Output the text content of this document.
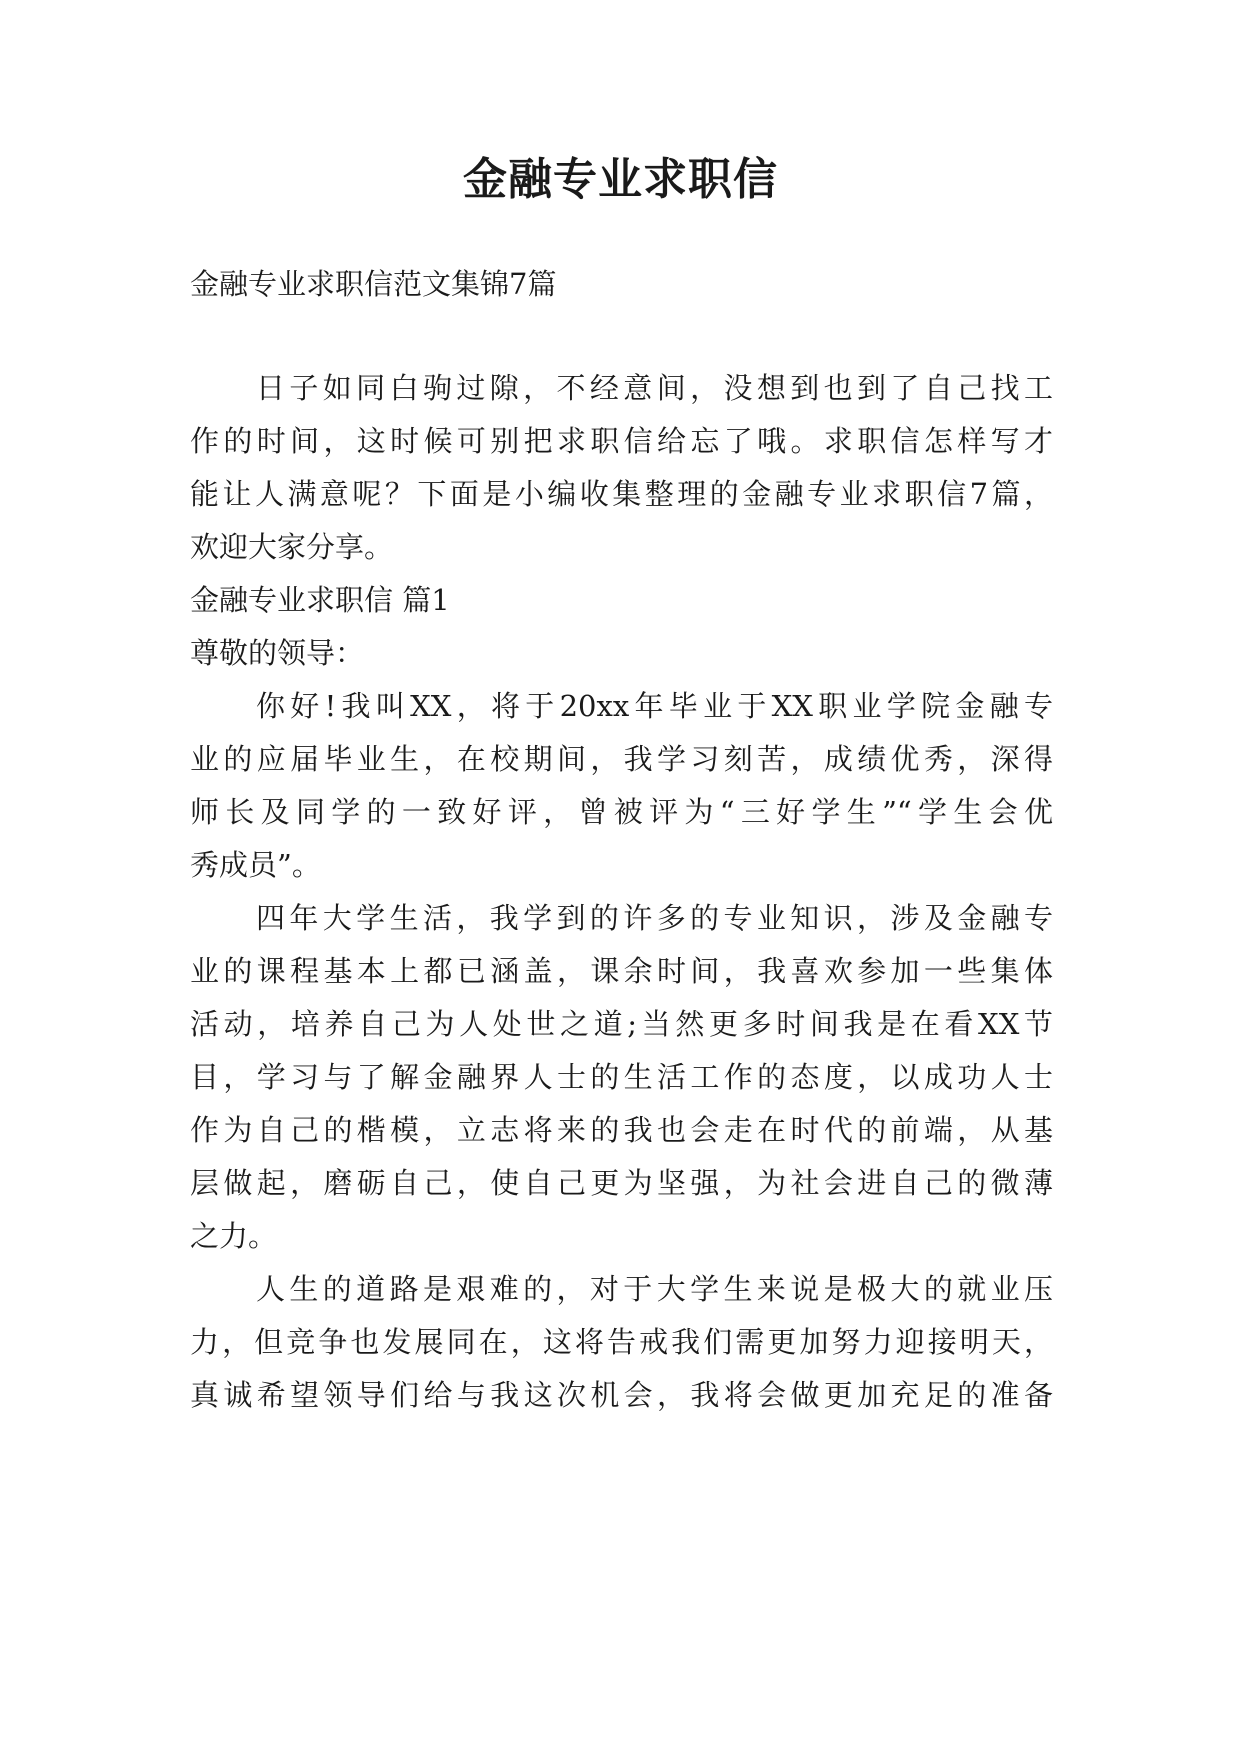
金融专业求职信

金融专业求职信范文集锦7篇

日子如同白驹过隙，不经意间，没想到也到了自己找工

作的时间，这时候可别把求职信给忘了哦。求职信怎样写才

能让人满意呢？下面是小编收集整理的金融专业求职信7篇，

欢迎大家分享。

金融专业求职信 篇1

尊敬的领导：

你好!我叫XX，将于20xx年毕业于XX职业学院金融专

业的应届毕业生，在校期间，我学习刻苦，成绩优秀，深得

师长及同学的一致好评，曾被评为“三好学生”“学生会优

秀成员”。

四年大学生活，我学到的许多的专业知识，涉及金融专

业的课程基本上都已涵盖，课余时间，我喜欢参加一些集体

活动，培养自己为人处世之道;当然更多时间我是在看XX节

目，学习与了解金融界人士的生活工作的态度，以成功人士

作为自己的楷模，立志将来的我也会走在时代的前端，从基

层做起，磨砺自己，使自己更为坚强，为社会进自己的微薄

之力。

人生的道路是艰难的，对于大学生来说是极大的就业压

力，但竞争也发展同在，这将告戒我们需更加努力迎接明天，

真诚希望领导们给与我这次机会，我将会做更加充足的准备
